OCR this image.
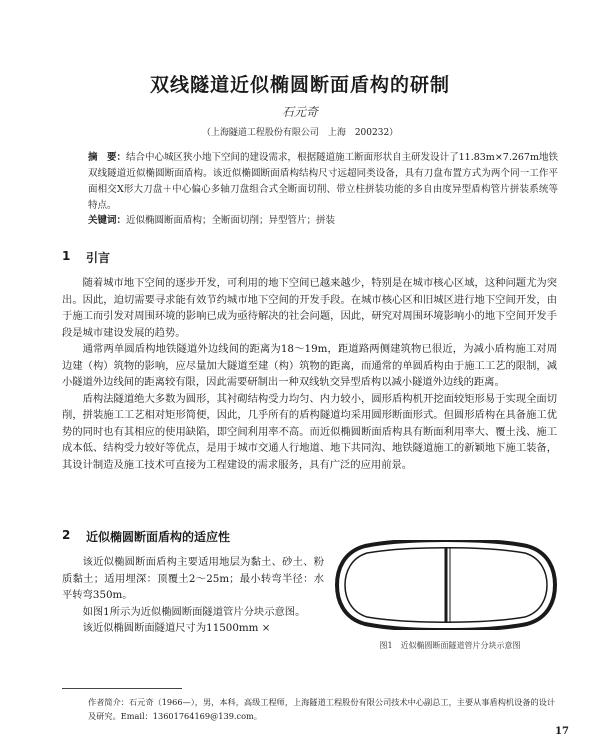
双线隧道近似椭圆断面盾构的研制
石元奇
（上海隧道工程股份有限公司　上海　200232）
摘　要：结合中心城区狭小地下空间的建设需求，根据隧道施工断面形状自主研发设计了11.83m×7.267m地铁双线隧道近似椭圆断面盾构。该近似椭圆断面盾构结构尺寸远超同类设备，具有刀盘布置方式为两个同一工作平面相交X形大刀盘＋中心偏心多轴刀盘组合式全断面切削、带立柱拼装功能的多自由度异型盾构管片拼装系统等特点。
关键词：近似椭圆断面盾构；全断面切削；异型管片；拼装
1 引言
随着城市地下空间的逐步开发，可利用的地下空间已越来越少，特别是在城市核心区域，这种问题尤为突出。因此，迫切需要寻求能有效节约城市地下空间的开发手段。在城市核心区和旧城区进行地下空间开发，由于施工而引发对周围环境的影响已成为亟待解决的社会问题，因此，研究对周围环境影响小的地下空间开发手段是城市建设发展的趋势。
通常两单圆盾构地铁隧道外边线间的距离为18～19m，距道路两侧建筑物已很近，为减小盾构施工对周边建（构）筑物的影响，应尽量加大隧道至建（构）筑物的距离，而通常的单圆盾构由于施工工艺的限制，减小隧道外边线间的距离较有限，因此需要研制出一种双线轨交异型盾构以减小隧道外边线的距离。
盾构法隧道绝大多数为圆形，其衬砌结构受力均匀、内力较小，圆形盾构机开挖面较矩形易于实现全面切削，拼装施工工艺相对矩形简便，因此，几乎所有的盾构隧道均采用圆形断面形式。但圆形盾构在具备施工优势的同时也有其相应的使用缺陷，即空间利用率不高。而近似椭圆断面盾构具有断面利用率大、覆土浅、施工成本低、结构受力较好等优点，是用于城市交通人行地道、地下共同沟、地铁隧道施工的新颖地下施工装备，其设计制造及施工技术可直接为工程建设的需求服务，具有广泛的应用前景。
2 近似椭圆断面盾构的适应性
该近似椭圆断面盾构主要适用地层为黏土、砂土、粉质黏土；适用埋深：顶覆土2～25m；最小转弯半径：水平转弯350m。
如图1所示为近似椭圆断面隧道管片分块示意图。
该近似椭圆断面隧道尺寸为11500mm ×
图1　近似椭圆断面隧道管片分块示意图
作者简介：石元奇（1966—），男，本科，高级工程师，上海隧道工程股份有限公司技术中心副总工，主要从事盾构机设备的设计及研究。Email：13601764169@139.com。
17
